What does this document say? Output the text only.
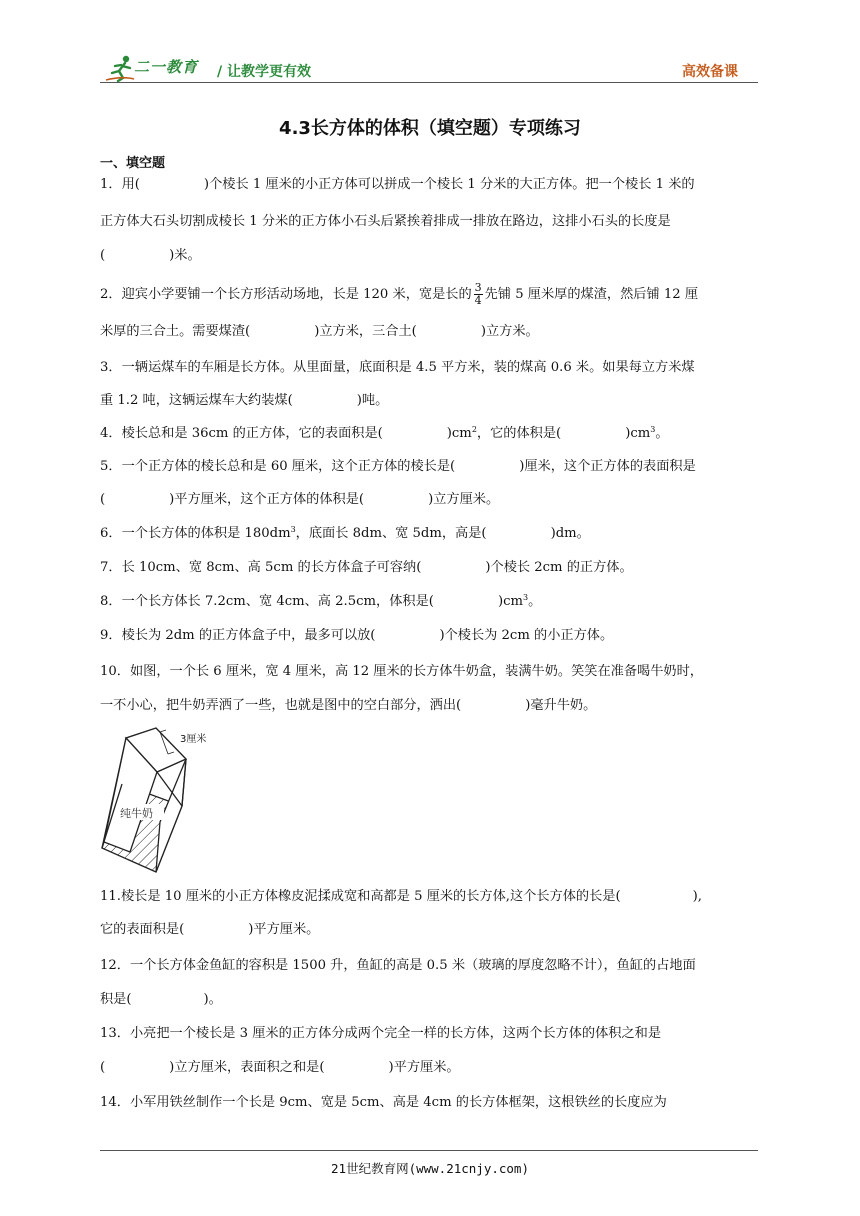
二一教育 / 让教学更有效	高效备课
4.3长方体的体积（填空题）专项练习
一、填空题
1．用(	)个棱长 1 厘米的小正方体可以拼成一个棱长 1 分米的大正方体。把一个棱长 1 米的
正方体大石头切割成棱长 1 分米的正方体小石头后紧挨着排成一排放在路边，这排小石头的长度是
(	)米。
2．迎宾小学要铺一个长方形活动场地，长是 120 米，宽是长的 $\frac{3}{4}$ 先铺 5 厘米厚的煤渣，然后铺 12 厘
米厚的三合土。需要煤渣(	)立方米，三合土(	)立方米。
3．一辆运煤车的车厢是长方体。从里面量，底面积是 4.5 平方米，装的煤高 0.6 米。如果每立方米煤
重 1.2 吨，这辆运煤车大约装煤(	)吨。
4．棱长总和是 36cm 的正方体，它的表面积是(	)$cm^2$，它的体积是(	)$cm^3$。
5．一个正方体的棱长总和是 60 厘米，这个正方体的棱长是(	)厘米，这个正方体的表面积是
(	)平方厘米，这个正方体的体积是(	)立方厘米。
6．一个长方体的体积是 $180dm^3$，底面长 8dm、宽 5dm，高是(	)dm。
7．长 10cm、宽 8cm、高 5cm 的长方体盒子可容纳(	)个棱长 2cm 的正方体。
8．一个长方体长 7.2cm、宽 4cm、高 2.5cm，体积是(	)$cm^3$。
9．棱长为 2dm 的正方体盒子中，最多可以放(	)个棱长为 2cm 的小正方体。
10．如图，一个长 6 厘米，宽 4 厘米，高 12 厘米的长方体牛奶盒，装满牛奶。笑笑在准备喝牛奶时，
一不小心，把牛奶弄洒了一些，也就是图中的空白部分，洒出(	)毫升牛奶。
3厘米
纯牛奶
11.棱长是 10 厘米的小正方体橡皮泥揉成宽和高都是 5 厘米的长方体,这个长方体的长是(	),
它的表面积是(	)平方厘米。
12．一个长方体金鱼缸的容积是 1500 升，鱼缸的高是 0.5 米（玻璃的厚度忽略不计），鱼缸的占地面
积是(	)。
13．小亮把一个棱长是 3 厘米的正方体分成两个完全一样的长方体，这两个长方体的体积之和是
(	)立方厘米，表面积之和是(	)平方厘米。
14．小军用铁丝制作一个长是 9cm、宽是 5cm、高是 4cm 的长方体框架，这根铁丝的长度应为
21世纪教育网(www.21cnjy.com)
